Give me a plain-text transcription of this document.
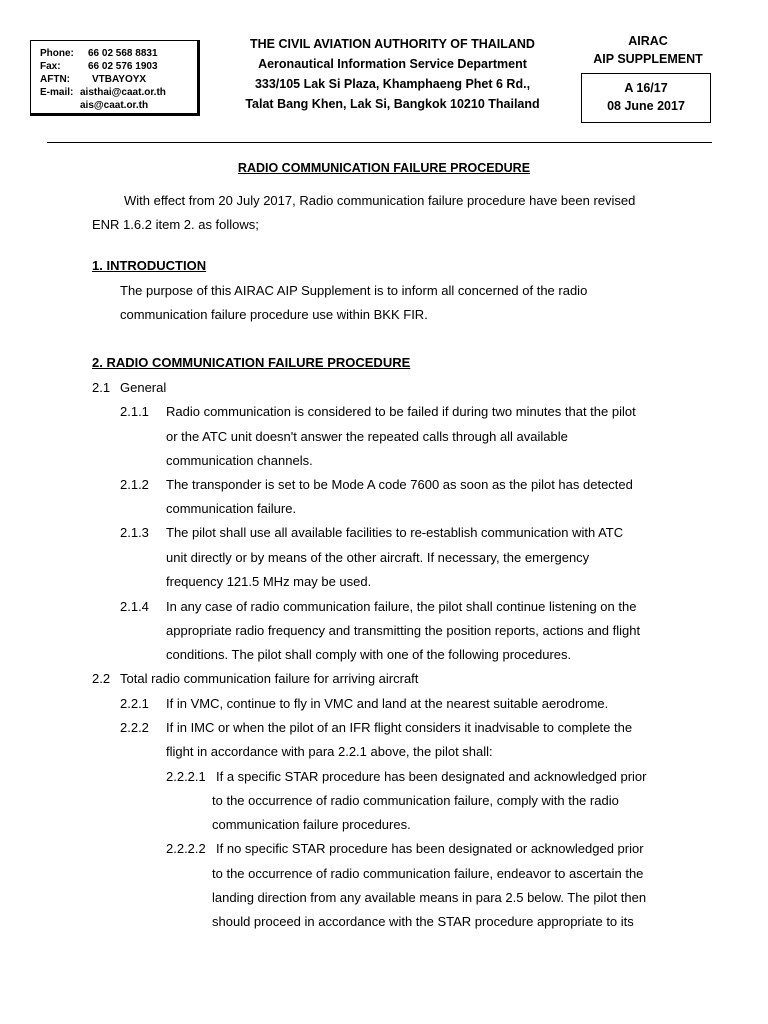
Phone:	66 02 568 8831
Fax:	66 02 576 1903
AFTN:	VTBAYOYX
E-mail: aisthai@caat.or.th
ais@caat.or.th
THE CIVIL AVIATION AUTHORITY OF THAILAND
Aeronautical Information Service Department
333/105 Lak Si Plaza, Khamphaeng Phet 6 Rd.,
Talat Bang Khen, Lak Si, Bangkok 10210 Thailand
AIRAC
AIP SUPPLEMENT
A 16/17
08 June 2017
RADIO COMMUNICATION FAILURE PROCEDURE
With effect from 20 July 2017, Radio communication failure procedure have been revised
ENR 1.6.2 item 2. as follows;
1. INTRODUCTION
The purpose of this AIRAC AIP Supplement is to inform all concerned of the radio
communication failure procedure use within BKK FIR.
2. RADIO COMMUNICATION FAILURE PROCEDURE
2.1 General
2.1.1 Radio communication is considered to be failed if during two minutes that the pilot
or the ATC unit doesn't answer the repeated calls through all available
communication channels.
2.1.2 The transponder is set to be Mode A code 7600 as soon as the pilot has detected
communication failure.
2.1.3 The pilot shall use all available facilities to re-establish communication with ATC
unit directly or by means of the other aircraft. If necessary, the emergency
frequency 121.5 MHz may be used.
2.1.4 In any case of radio communication failure, the pilot shall continue listening on the
appropriate radio frequency and transmitting the position reports, actions and flight
conditions. The pilot shall comply with one of the following procedures.
2.2 Total radio communication failure for arriving aircraft
2.2.1 If in VMC, continue to fly in VMC and land at the nearest suitable aerodrome.
2.2.2 If in IMC or when the pilot of an IFR flight considers it inadvisable to complete the
flight in accordance with para 2.2.1 above, the pilot shall:
2.2.2.1 If a specific STAR procedure has been designated and acknowledged prior
to the occurrence of radio communication failure, comply with the radio
communication failure procedures.
2.2.2.2 If no specific STAR procedure has been designated or acknowledged prior
to the occurrence of radio communication failure, endeavor to ascertain the
landing direction from any available means in para 2.5 below. The pilot then
should proceed in accordance with the STAR procedure appropriate to its
